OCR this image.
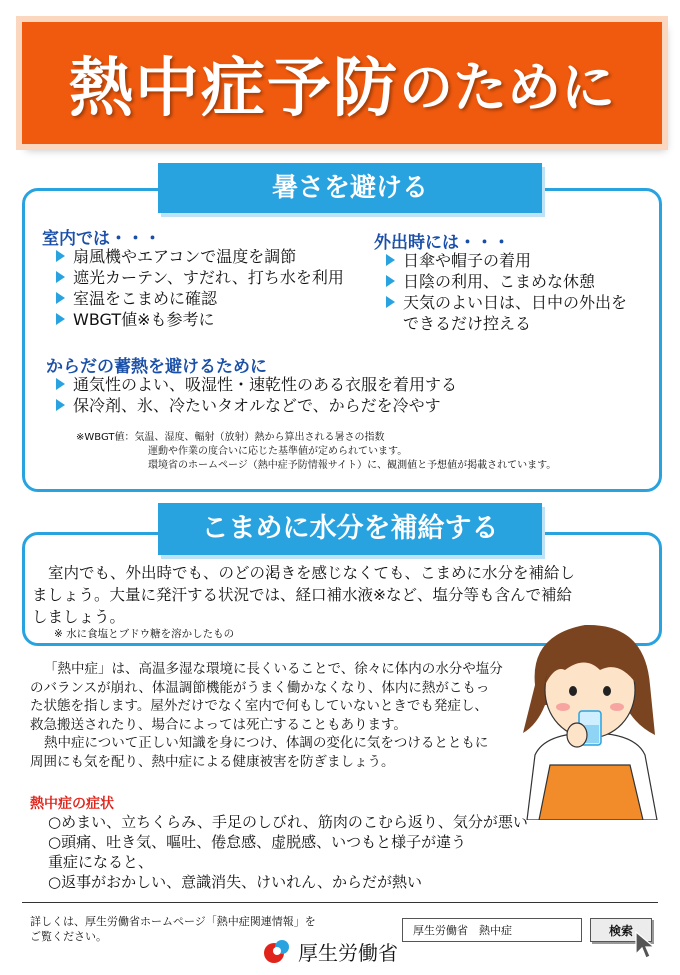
熱中症予防 のために
暑さを避ける
室内では・・・
扇風機やエアコンで温度を調節
遮光カーテン、すだれ、打ち水を利用
室温をこまめに確認
WBGT値※も参考に
外出時には・・・
日傘や帽子の着用
日陰の利用、こまめな休憩
天気のよい日は、日中の外出を
できるだけ控える
からだの蓄熱を避けるために
通気性のよい、吸湿性・速乾性のある衣服を着用する
保冷剤、氷、冷たいタオルなどで、からだを冷やす
※WBGT値：気温、湿度、輻射（放射）熱から算出される暑さの指数
運動や作業の度合いに応じた基準値が定められています。
環境省のホームページ（熱中症予防情報サイト）に、観測値と予想値が掲載されています。
こまめに水分を補給する
室内でも、外出時でも、のどの渇きを感じなくても、こまめに水分を補給し
ましょう。大量に発汗する状況では、経口補水液※など、塩分等も含んで補給
しましょう。
※ 水に食塩とブドウ糖を溶かしたもの
「熱中症」は、高温多湿な環境に長くいることで、徐々に体内の水分や塩分
のバランスが崩れ、体温調節機能がうまく働かなくなり、体内に熱がこもっ
た状態を指します。屋外だけでなく室内で何もしていないときでも発症し、
救急搬送されたり、場合によっては死亡することもあります。
熱中症について正しい知識を身につけ、体調の変化に気をつけるとともに
周囲にも気を配り、熱中症による健康被害を防ぎましょう。
熱中症の症状
○めまい、立ちくらみ、手足のしびれ、筋肉のこむら返り、気分が悪い
○頭痛、吐き気、嘔吐、倦怠感、虚脱感、いつもと様子が違う
重症になると、
○返事がおかしい、意識消失、けいれん、からだが熱い
詳しくは、厚生労働省ホームページ「熱中症関連情報」を
ご覧ください。
厚生労働省
厚生労働省　熱中症	検索
